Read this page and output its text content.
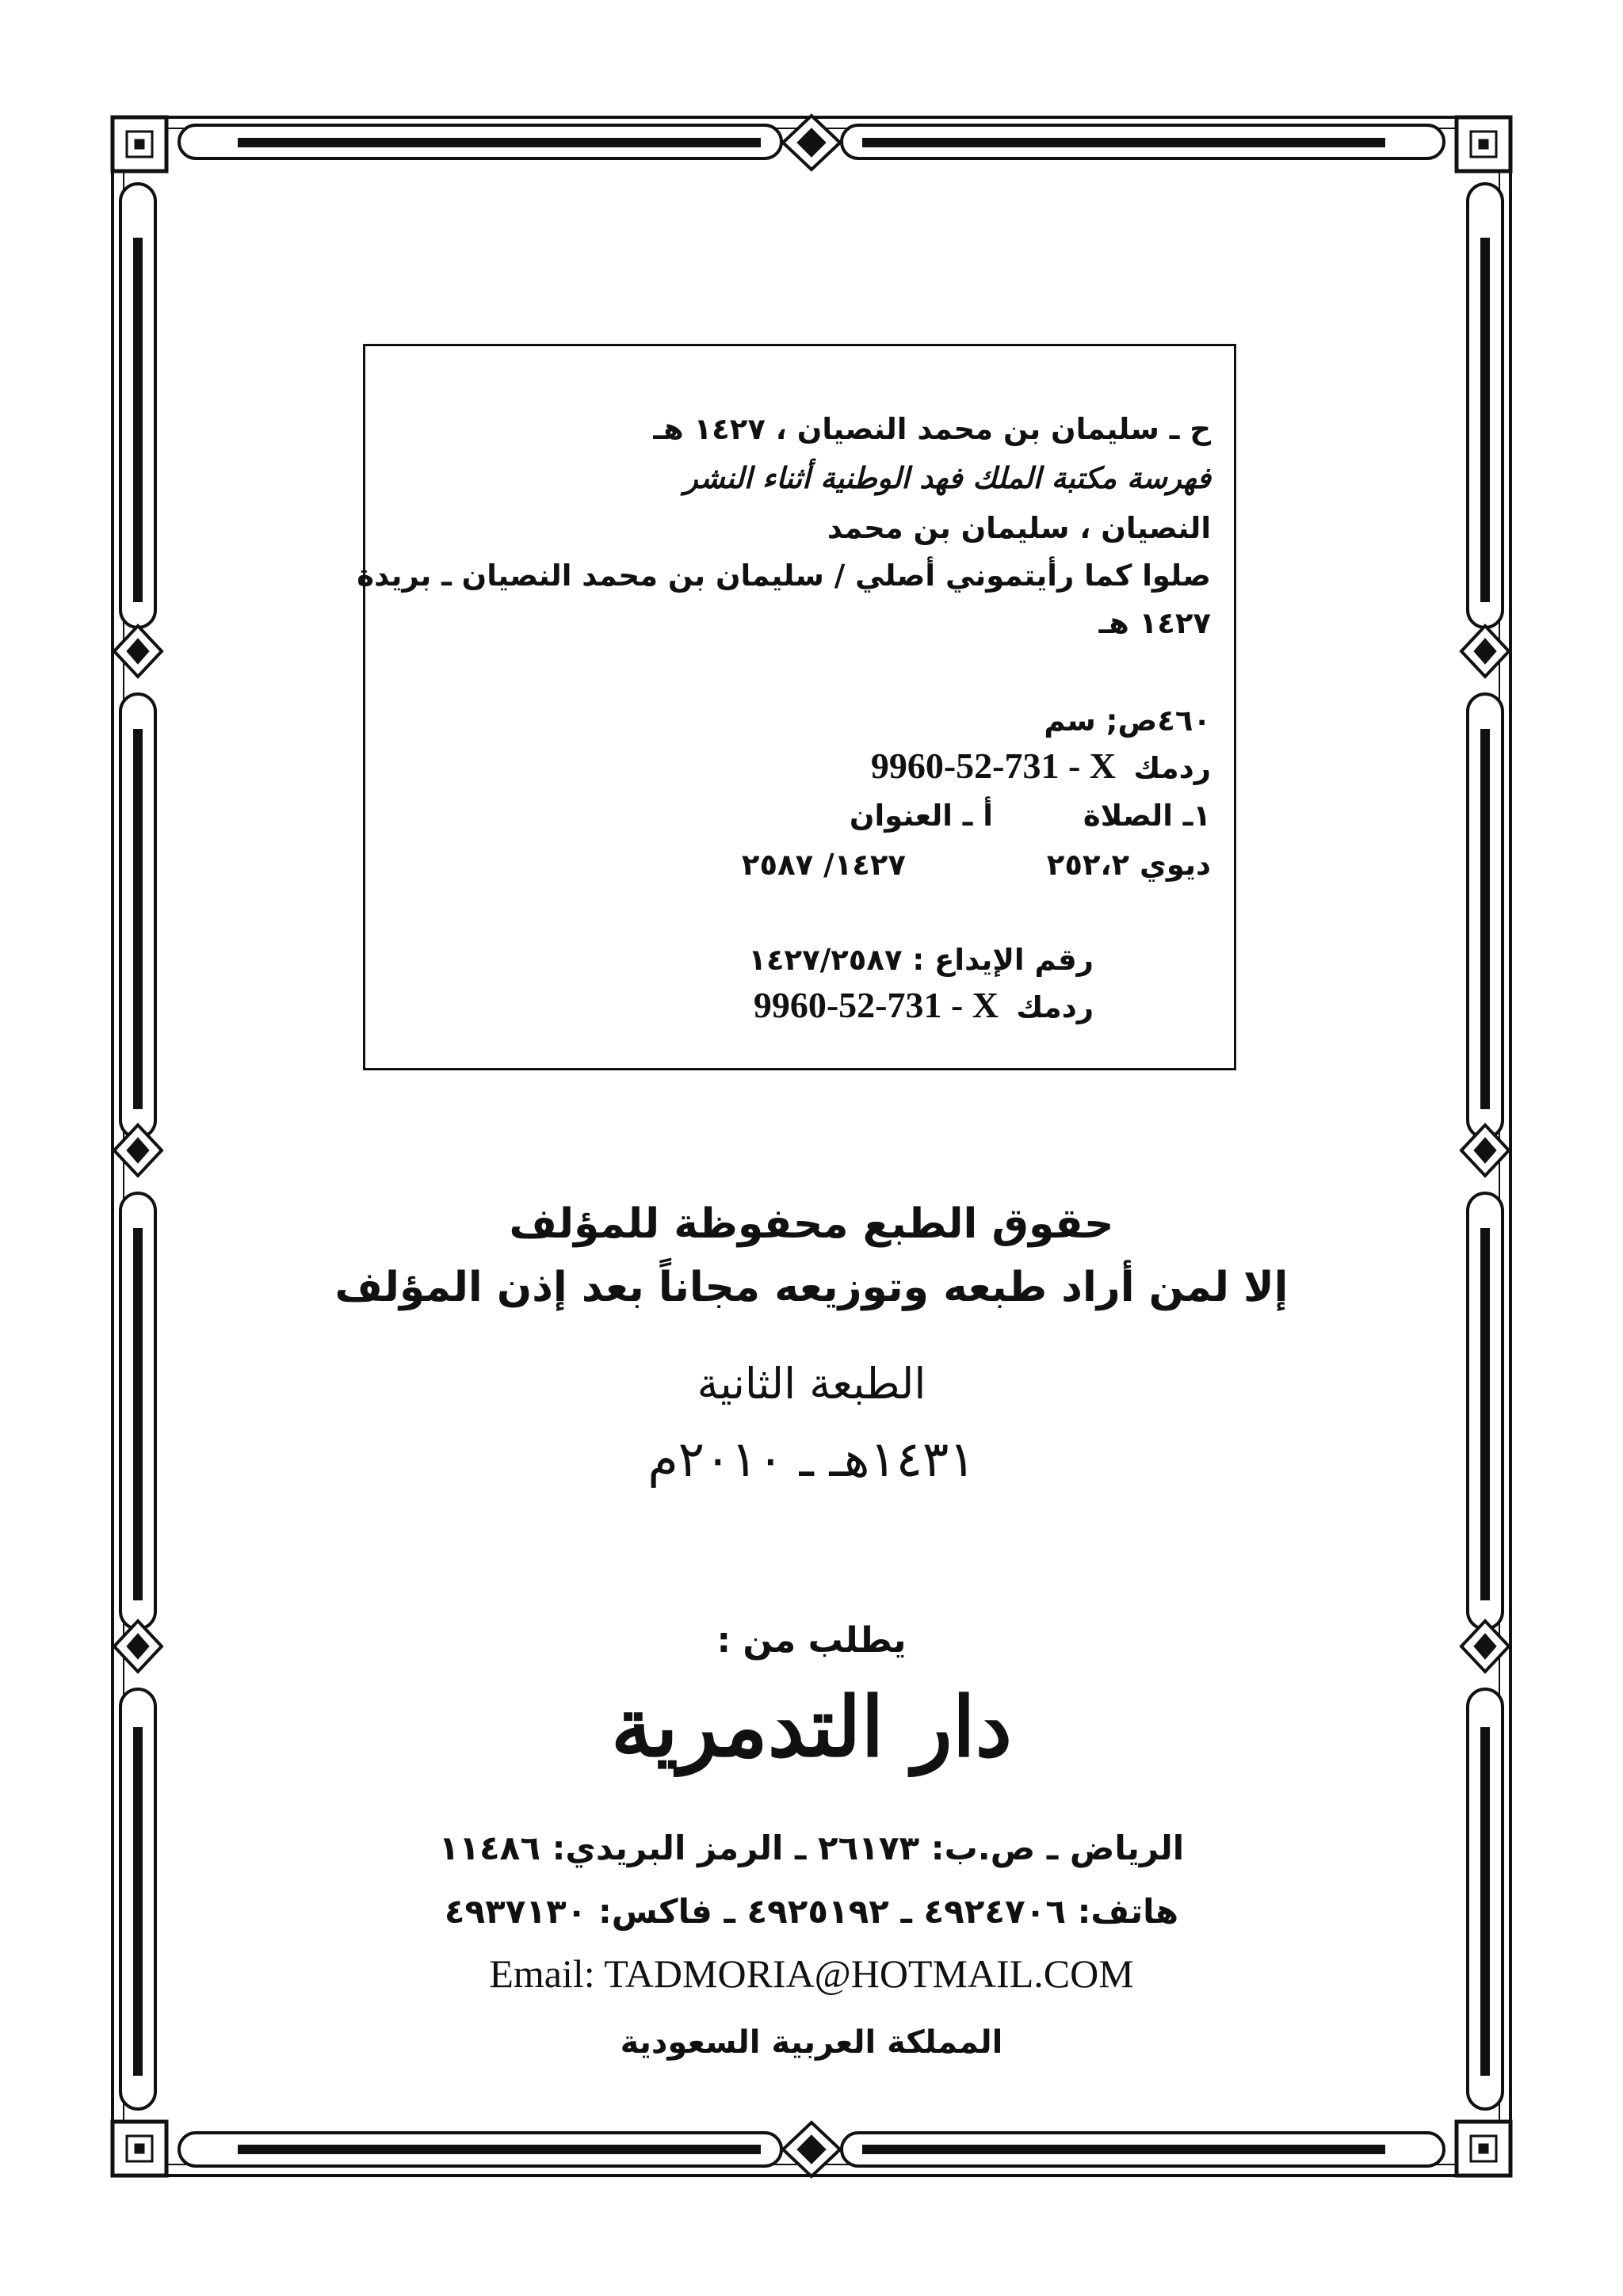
ح ـ سليمان بن محمد النصيان ، ١٤٢٧ هـ
فهرسة مكتبة الملك فهد الوطنية أثناء النشر
النصيان ، سليمان بن محمد
صلوا كما رأيتموني أصلي / سليمان بن محمد النصيان ـ بريدة
١٤٢٧ هـ
٤٦٠ص; سم
ردمك
9960-52-731 - X
١ـ الصلاة
أ ـ العنوان
ديوي ٢٥٢،٢
١٤٢٧/ ٢٥٨٧
رقم الإيداع : ١٤٢٧/٢٥٨٧
ردمك
9960-52-731 - X
حقوق الطبع محفوظة للمؤلف
إلا لمن أراد طبعه وتوزيعه مجاناً بعد إذن المؤلف
الطبعة الثانية
١٤٣١هـ ـ ٢٠١٠م
يطلب من :
دار التدمرية
الرياض ـ ص.ب: ٢٦١٧٣ ـ الرمز البريدي: ١١٤٨٦
هاتف: ٤٩٢٤٧٠٦ ـ ٤٩٢٥١٩٢ ـ فاكس: ٤٩٣٧١٣٠
Email: TADMORIA@HOTMAIL.COM
المملكة العربية السعودية
